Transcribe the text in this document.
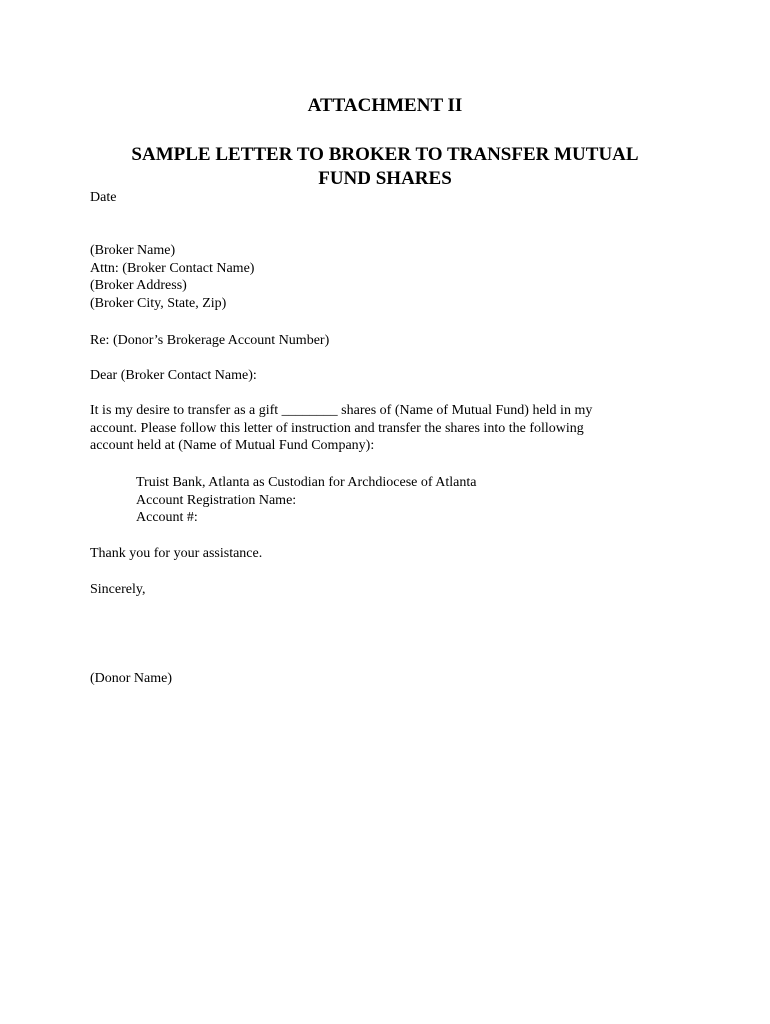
ATTACHMENT II
SAMPLE LETTER TO BROKER TO TRANSFER MUTUAL
FUND SHARES

Date

(Broker Name)
Attn: (Broker Contact Name)
(Broker Address)
(Broker City, State, Zip)

Re: (Donor’s Brokerage Account Number)

Dear (Broker Contact Name):

It is my desire to transfer as a gift ________ shares of (Name of Mutual Fund) held in my
account. Please follow this letter of instruction and transfer the shares into the following
account held at (Name of Mutual Fund Company):
Truist Bank, Atlanta as Custodian for Archdiocese of Atlanta
Account Registration Name:
Account #:

Thank you for your assistance.

Sincerely,

(Donor Name)
